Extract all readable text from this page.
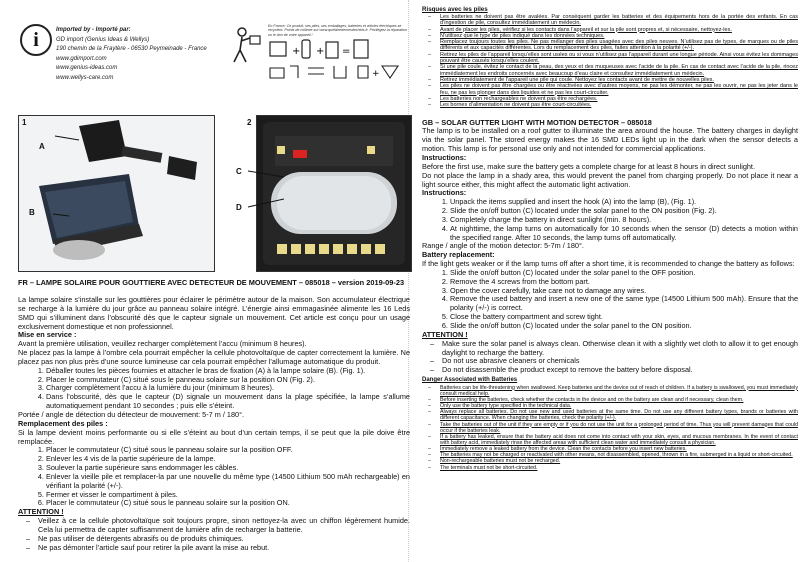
i	Imported by - Importé par:
GD import (Genius Ideas & Wellys)
190 chemin de la Fraytère - 06530 Peymeinade - France
www.gdimport.com
www.genius-ideas.com
www.wellys-care.com
En France: Ce produit, ses piles, ses emballages, batteries et articles électriques se recyclent. Points de collecte sur www.quefairedemesdechets.fr. Privilégiez la réparation ou le don de votre appareil !
+ + =
+
1
A
B
2
C
D
FR – LAMPE SOLAIRE POUR GOUTTIERE AVEC DETECTEUR DE MOUVEMENT – 085018 – version 2019-09-23
La lampe solaire s’installe sur les gouttières pour éclairer le périmètre autour de la maison. Son accumulateur électrique se recharge à la lumière du jour grâce au panneau solaire intégré. L’énergie ainsi emmagasinée alimente les 16 Leds SMD qui s’illuminent dans l’obscurité dès que le capteur signale un mouvement. Cet article est conçu pour un usage exclusivement domestique et non professionnel.
Mise en service :
Avant la première utilisation, veuillez recharger complètement l’accu (minimum 8 heures).
Ne placez pas la lampe à l’ombre cela pourrait empêcher la cellule photovoltaïque de capter correctement la lumière. Ne placez pas non plus près d’une source lumineuse car cela pourrait empêcher l’allumage automatique du produit.
1. Déballer toutes les pièces fournies et attacher le bras de fixation (A) à la lampe solaire (B). (Fig. 1).
2. Placer le commutateur (C) situé sous le panneau solaire sur la position ON (Fig. 2).
3. Charger complètement l’accu à la lumière du jour (minimum 8 heures).
4. Dans l’obscurité, dès que le capteur (D) signale un mouvement dans la plage spécifiée, la lampe s’allume automatiquement pendant 10 secondes ; puis elle s’éteint.
Portée / angle de détection du détecteur de mouvement: 5-7 m / 180°.
Remplacement des piles :
Si la lampe devient moins performante ou si elle s’éteint au bout d’un certain temps, il se peut que la pile doive être remplacée.
1. Placer le commutateur (C) situé sous le panneau solaire sur la position OFF.
2. Enlever les 4 vis de la partie supérieure de la lampe.
3. Soulever la partie supérieure sans endommager les câbles.
4. Enlever la vieille pile et remplacer-la par une nouvelle du même type (14500 Lithium 500 mAh rechargeable) en vérifiant la polarité (+/-).
5. Fermer et visser le compartiment à piles.
6. Placer le commutateur (C) situé sous le panneau solaire sur la position ON.
ATTENTION !
– Veillez à ce la cellule photovoltaïque soit toujours propre, sinon nettoyez-la avec un chiffon légèrement humide. Cela lui permettra de capter suffisamment de lumière afin de recharger la batterie.
– Ne pas utiliser de détergents abrasifs ou de produits chimiques.
– Ne pas démonter l’article sauf pour retirer la pile avant la mise au rebut.
Risques avec les piles
– Les batteries ne doivent pas être avalées. Par conséquent garder les batteries et des équipements hors de la portée des enfants. En cas d’ingestion de pile, consultez immédiatement un médecin.
– Avant de placer les piles, vérifiez si les contacts dans l’appareil et sur la pile sont propres et, si nécessaire, nettoyez-les.
– N’utilisez que le type de piles indiqué dans les données techniques.
– Remplacez toujours toutes les piles. Ne pas mélanger des piles usagées avec des piles neuves. N’utilisez pas de types, de marques ou de piles différents et aux capacités différentes. Lors du remplacement des piles, faites attention à la polarité (+/-).
– Retirez les piles de l’appareil lorsqu’elles sont usées ou si vous n’utilisez pas l’appareil durant une longue période. Ainsi vous évitez les dommages pouvant être causés lorsqu’elles coulent.
– Si une pile coule, évitez le contact de la peau, des yeux et des muqueuses avec l’acide de la pile. En cas de contact avec l’acide de la pile, rincez immédiatement les endroits concernés avec beaucoup d’eau claire et consultez immédiatement un médecin.
– Retirez immédiatement de l’appareil une pile qui coule. Nettoyez les contacts avant de mettre de nouvelles piles.
– Les piles ne doivent pas être chargées ou être réactivées avec d’autres moyens, ne pas les démonter, ne pas les ouvrir, ne pas les jeter dans le feu, ne pas les plonger dans des liquides et ne pas les court-circuiter.
– Les batteries non rechargeables ne doivent pas être rechargées.
– Les bornes d’alimentation ne doivent pas être court-circuitées.
GB – SOLAR GUTTER LIGHT WITH MOTION DETECTOR – 085018
The lamp is to be installed on a roof gutter to illuminate the area around the house. The battery charges in daylight via the solar panel. The stored energy makes the 16 SMD LEDs light up in the dark when the sensor detects a motion. This lamp is for personal use only and not intended for commercial applications.
Instructions:
Before the first use, make sure the battery gets a complete charge for at least 8 hours in direct sunlight.
Do not place the lamp in a shady area, this would prevent the panel from charging properly. Do not place it near a light source either, this might affect the automatic light activation.
Instructions:
1. Unpack the items supplied and insert the hook (A) into the lamp (B), (Fig. 1).
2. Slide the on/off button (C) located under the solar panel to the ON position (Fig. 2).
3. Completely charge the battery in direct sunlight (min. 8 hours).
4. At nighttime, the lamp turns on automatically for 10 seconds when the sensor (D) detects a motion within the specified range. After 10 seconds, the lamp turns off automatically.
Range / angle of the motion detector: 5-7m / 180°.
Battery replacement:
If the light gets weaker or if the lamp turns off after a short time, it is recommended to change the battery as follows:
1. Slide the on/off button (C) located under the solar panel to the OFF position.
2. Remove the 4 screws from the bottom part.
3. Open the cover carefully, take care not to damage any wires.
4. Remove the used battery and insert a new one of the same type (14500 Lithium 500 mAh). Ensure that the polarity (+/-) is correct.
5. Close the battery compartment and screw tight.
6. Slide the on/off button (C) located under the solar panel to the ON position.
ATTENTION !
– Make sure the solar panel is always clean. Otherwise clean it with a slightly wet cloth to allow it to get enough daylight to recharge the battery.
– Do not use abrasive cleaners or chemicals
– Do not disassemble the product except to remove the battery before disposal.
Danger Associated with Batteries
– Batteries can be life-threatening when swallowed. Keep batteries and the device out of reach of children. If a battery is swallowed, you must immediately consult medical help.
– Before inserting the batteries, check whether the contacts in the device and on the battery are clean and if necessary, clean them.
– Only use the battery type specified in the technical data.
– Always replace all batteries. Do not use new and used batteries at the same time. Do not use any different battery types, brands or batteries with different capacitance. When changing the batteries, check the polarity (+/-).
– Take the batteries out of the unit if they are empty or if you do not use the unit for a prolonged period of time. Thus you will prevent damages that could occur if the batteries leak.
– If a battery has leaked, ensure that the battery acid does not come into contact with your skin, eyes, and mucous membranes. In the event of contact with battery acid, immediately rinse the affected areas with sufficient clean water and immediately consult a physician.
– Immediately remove a leaked battery from the device. Clean the contacts before you insert new batteries.
– The batteries may not be charged or reactivated with other means, not disassembled, opened, thrown in a fire, submerged in a liquid or short-circuited.
– Non-rechargeable batteries must not be recharged.
– The terminals must not be short-circuited.
